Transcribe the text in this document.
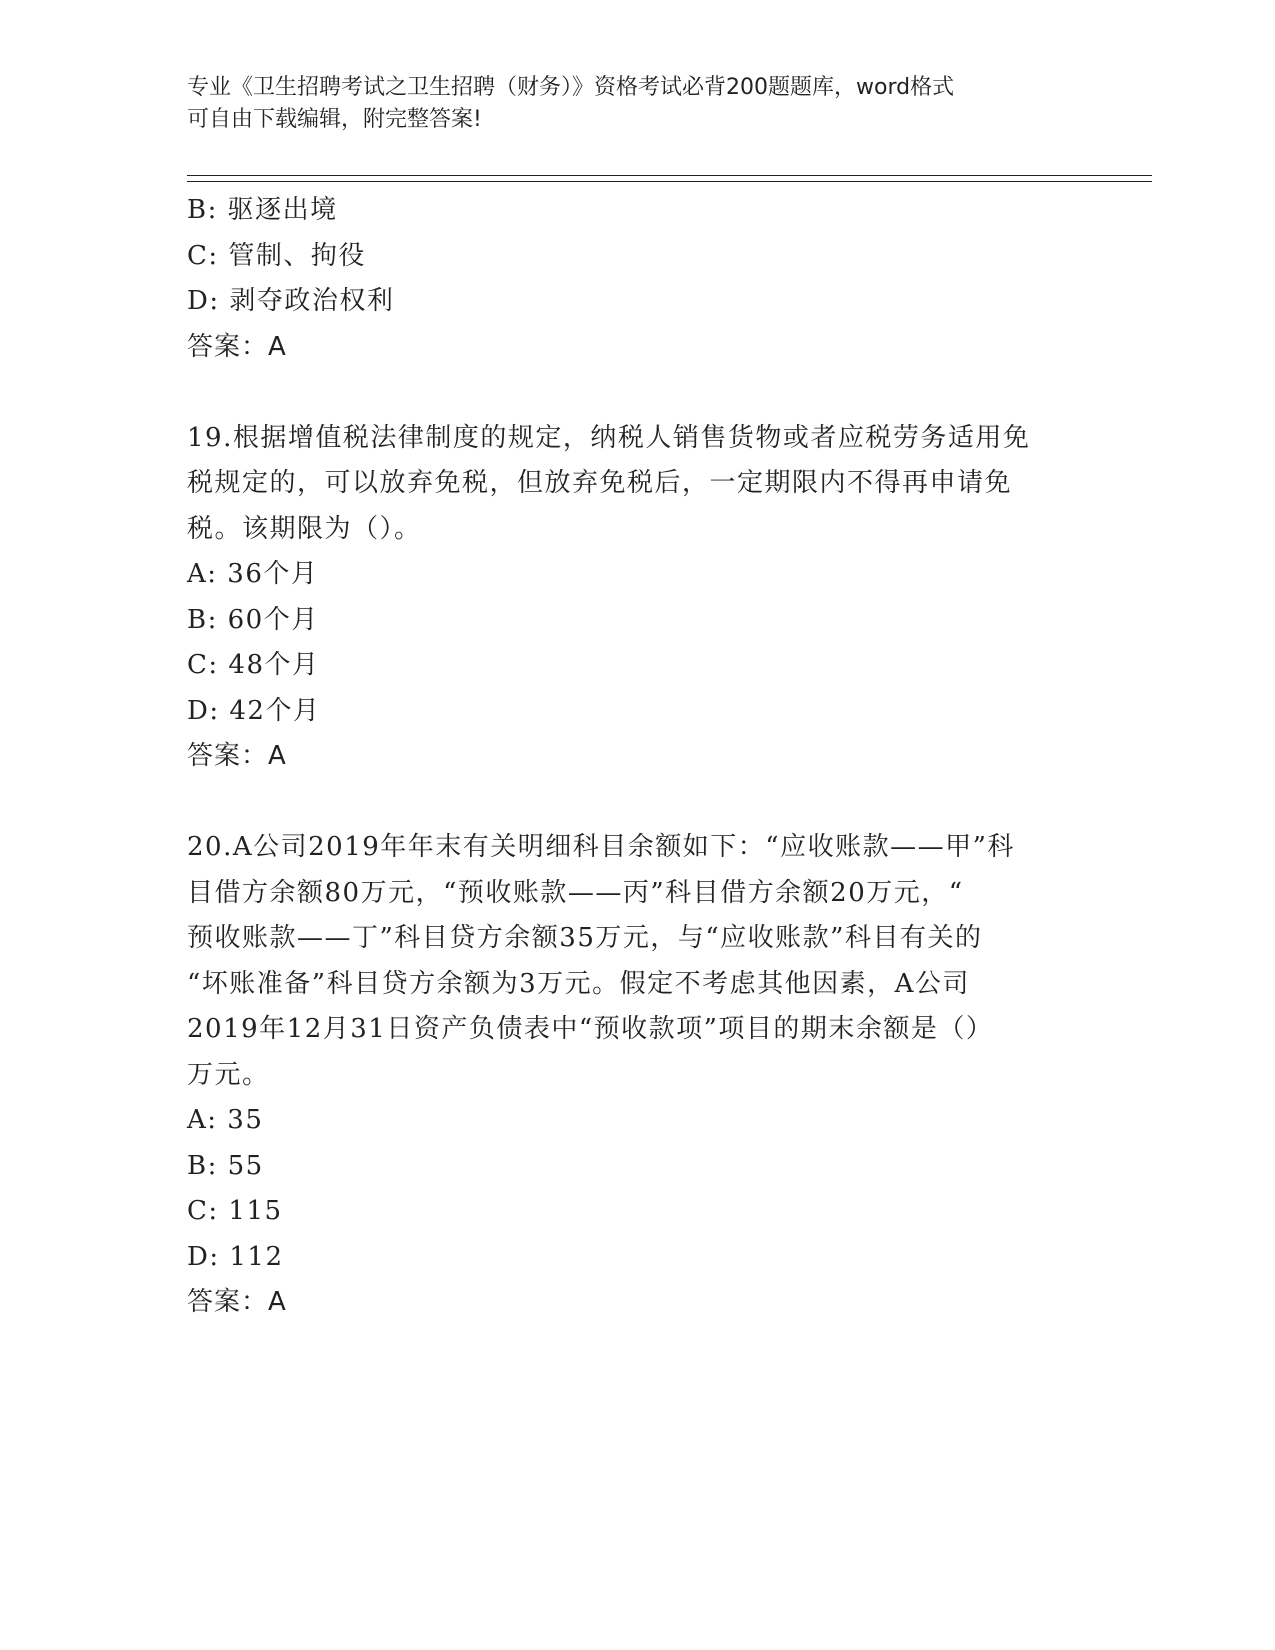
专业《卫生招聘考试之卫生招聘（财务）》资格考试必背200题题库，word格式
可自由下载编辑，附完整答案!
B: 驱逐出境
C: 管制、拘役
D: 剥夺政治权利
答案：A
19.根据增值税法律制度的规定，纳税人销售货物或者应税劳务适用免
税规定的，可以放弃免税，但放弃免税后，一定期限内不得再申请免
税。该期限为（）。
A: 36个月
B: 60个月
C: 48个月
D: 42个月
答案：A
20.A公司2019年年末有关明细科目余额如下：“应收账款——甲”科
目借方余额80万元，“预收账款——丙”科目借方余额20万元，“
预收账款——丁”科目贷方余额35万元，与“应收账款”科目有关的
“坏账准备”科目贷方余额为3万元。假定不考虑其他因素，A公司
2019年12月31日资产负债表中“预收款项”项目的期末余额是（）
万元。
A: 35
B: 55
C: 115
D: 112
答案：A
